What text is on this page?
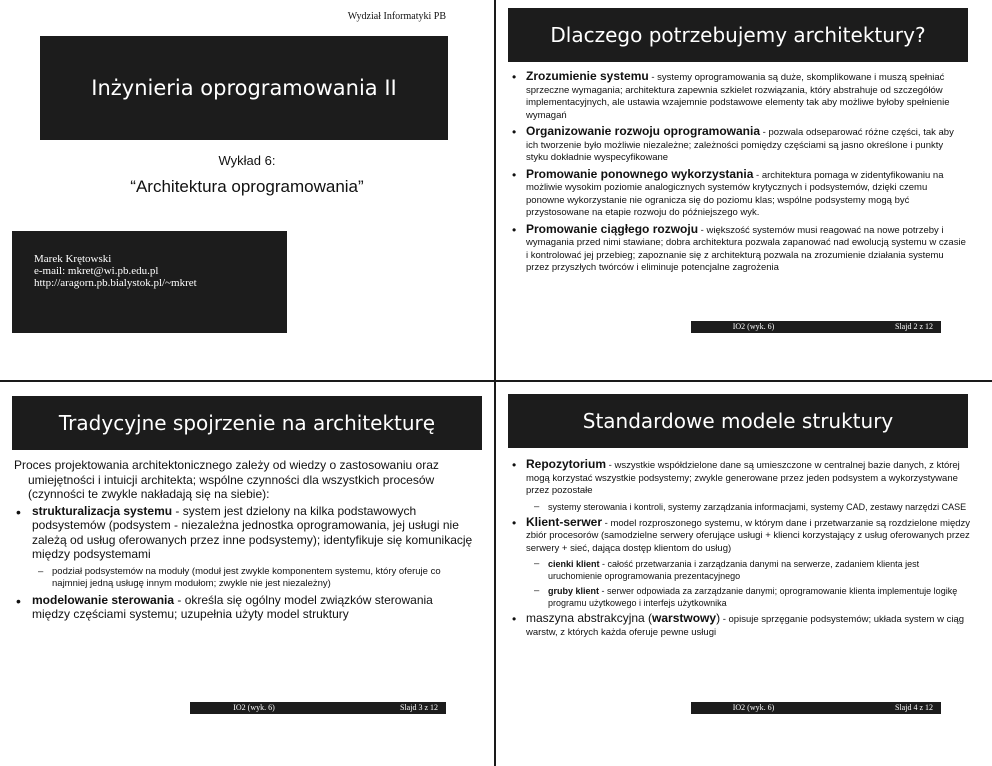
Wydział Informatyki PB
Inżynieria oprogramowania II
Wykład 6:
“Architektura oprogramowania”
Marek Krętowski
e-mail: mkret@wi.pb.edu.pl
http://aragorn.pb.bialystok.pl/~mkret
Dlaczego potrzebujemy architektury?
• Zrozumienie systemu - systemy oprogramowania są duże, skomplikowane i muszą spełniać sprzeczne wymagania; architektura zapewnia szkielet rozwiązania, który abstrahuje od szczegółów implementacyjnych, ale ustawia wzajemnie podstawowe elementy tak aby możliwe byłoby spełnienie wymagań

• Organizowanie rozwoju oprogramowania - pozwala odseparować różne części, tak aby ich tworzenie było możliwie niezależne; zależności pomiędzy częściami są jasno określone i punkty styku dokładnie wyspecyfikowane

• Promowanie ponownego wykorzystania - architektura pomaga w zidentyfikowaniu na możliwie wysokim poziomie analogicznych systemów krytycznych i podsystemów, dzięki czemu ponowne wykorzystanie nie ogranicza się do poziomu klas; wspólne podsystemy mogą być przystosowane na etapie rozwoju do późniejszego wyk.

• Promowanie ciągłego rozwoju - większość systemów musi reagować na nowe potrzeby i wymagania przed nimi stawiane; dobra architektura pozwala zapanować nad ewolucją systemu w czasie i kontrolować jej przebieg; zapoznanie się z architekturą pozwala na zrozumienie działania systemu przez przyszłych twórców i eliminuje potencjalne zagrożenia

IO2 (wyk. 6)	Slajd 2 z 12
Tradycyjne spojrzenie na architekturę

Proces projektowania architektonicznego zależy od wiedzy o zastosowaniu oraz umiejętności i intuicji architekta; wspólne czynności dla wszystkich procesów (czynności te zwykle nakładają się na siebie):

• strukturalizacja systemu - system jest dzielony na kilka podstawowych podsystemów (podsystem - niezależna jednostka oprogramowania, jej usługi nie zależą od usług oferowanych przez inne podsystemy); identyfikuje się komunikację między podsystemami

– podział podsystemów na moduły (moduł jest zwykle komponentem systemu, który oferuje co najmniej jedną usługę innym modułom; zwykle nie jest niezależny)

• modelowanie sterowania - określa się ogólny model związków sterowania między częściami systemu; uzupełnia użyty model struktury

IO2 (wyk. 6)	Slajd 3 z 12
Standardowe modele struktury
• Repozytorium - wszystkie współdzielone dane są umieszczone w centralnej bazie danych, z której mogą korzystać wszystkie podsystemy; zwykle generowane przez jeden podsystem a wykorzystywane przez pozostałe

– systemy sterowania i kontroli, systemy zarządzania informacjami, systemy CAD, zestawy narzędzi CASE

• Klient-serwer - model rozproszonego systemu, w którym dane i przetwarzanie są rozdzielone między zbiór procesorów (samodzielne serwery oferujące usługi + klienci korzystający z usług oferowanych przez serwery + sieć, dająca dostęp klientom do usług)

– cienki klient - całość przetwarzania i zarządzania danymi na serwerze, zadaniem klienta jest uruchomienie oprogramowania prezentacyjnego

– gruby klient - serwer odpowiada za zarządzanie danymi; oprogramowanie klienta implementuje logikę programu użytkowego i interfejs użytkownika

• maszyna abstrakcyjna (warstwowy) - opisuje sprzęganie podsystemów; układa system w ciąg warstw, z których każda oferuje pewne usługi

IO2 (wyk. 6)	Slajd 4 z 12
